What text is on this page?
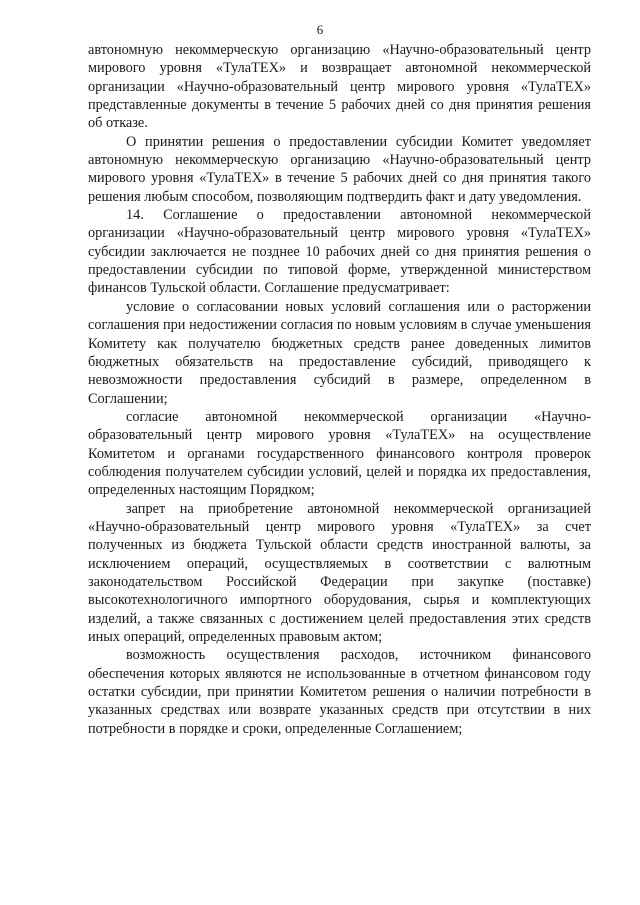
6

автономную некоммерческую организацию «Научно-образовательный центр мирового уровня «ТулаТЕХ» и возвращает автономной некоммерческой организации «Научно-образовательный центр мирового уровня «ТулаТЕХ» представленные документы в течение 5 рабочих дней со дня принятия решения об отказе.

О принятии решения о предоставлении субсидии Комитет уведомляет автономную некоммерческую организацию «Научно-образовательный центр мирового уровня «ТулаТЕХ» в течение 5 рабочих дней со дня принятия такого решения любым способом, позволяющим подтвердить факт и дату уведомления.

14. Соглашение о предоставлении автономной некоммерческой организации «Научно-образовательный центр мирового уровня «ТулаТЕХ» субсидии заключается не позднее 10 рабочих дней со дня принятия решения о предоставлении субсидии по типовой форме, утвержденной министерством финансов Тульской области. Соглашение предусматривает:

условие о согласовании новых условий соглашения или о расторжении соглашения при недостижении согласия по новым условиям в случае уменьшения Комитету как получателю бюджетных средств ранее доведенных лимитов бюджетных обязательств на предоставление субсидий, приводящего к невозможности предоставления субсидий в размере, определенном в Соглашении;

согласие автономной некоммерческой организации «Научно-образовательный центр мирового уровня «ТулаТЕХ» на осуществление Комитетом и органами государственного финансового контроля проверок соблюдения получателем субсидии условий, целей и порядка их предоставления, определенных настоящим Порядком;

запрет на приобретение автономной некоммерческой организацией «Научно-образовательный центр мирового уровня «ТулаТЕХ» за счет полученных из бюджета Тульской области средств иностранной валюты, за исключением операций, осуществляемых в соответствии с валютным законодательством Российской Федерации при закупке (поставке) высокотехнологичного импортного оборудования, сырья и комплектующих изделий, а также связанных с достижением целей предоставления этих средств иных операций, определенных правовым актом;

возможность осуществления расходов, источником финансового обеспечения которых являются не использованные в отчетном финансовом году остатки субсидии, при принятии Комитетом решения о наличии потребности в указанных средствах или возврате указанных средств при отсутствии в них потребности в порядке и сроки, определенные Соглашением;
